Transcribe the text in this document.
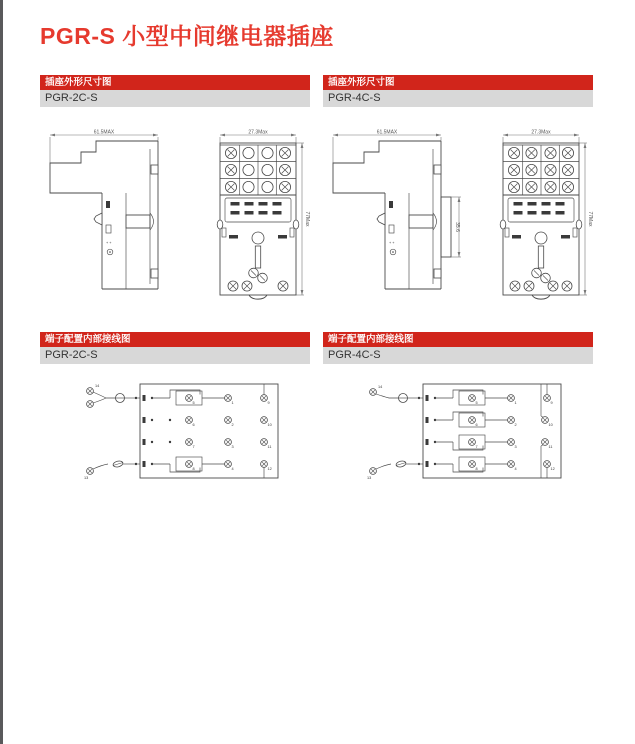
PGR-S 小型中间继电器插座
插座外形尺寸图
PGR-2C-S
61.5MAX
+ +
27.3Max
77Max
端子配置内部接线图
PGR-2C-S
14
13
5	1	9
6	2	10
7	3	11
8	4	12
插座外形尺寸图
PGR-4C-S
61.5MAX
+ +
35.6
27.3Max
77Max
端子配置内部接线图
PGR-4C-S
14
13
5	1	9
6	2	10
7	3	11
8	4	12
